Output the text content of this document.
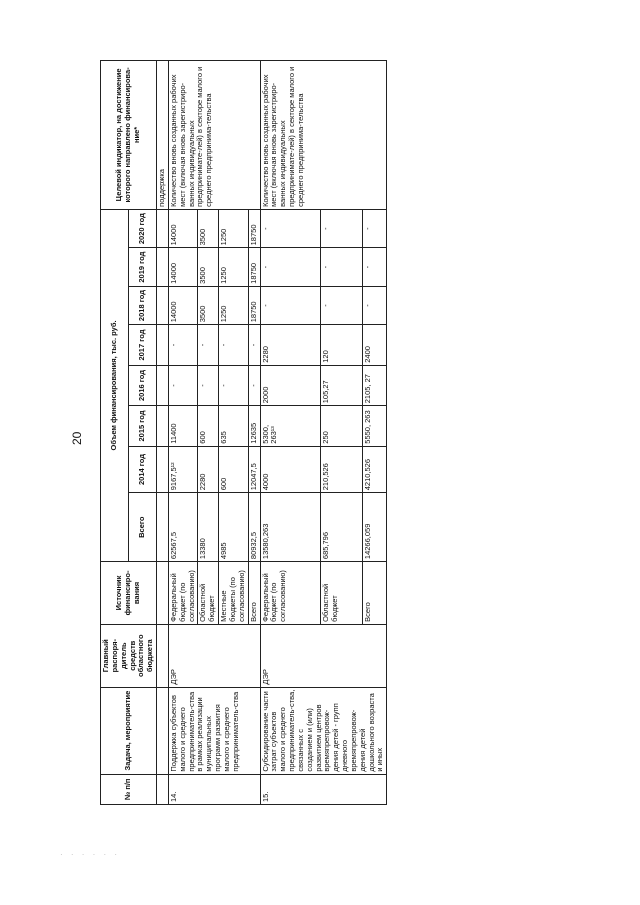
20
· · · · · ·
№ п/п	Задача, мероприятие	Главный распоря-дитель средств областного бюджета	Источник финансиро-вания	Объем финансирования, тыс. руб.								Целевой индикатор, на достижение которого направлено финансирова-ние*
				Всего	2014 год	2015 год	2016 год	2017 год	2018 год	2019 год	2020 год	
												поддержка
14.	Поддержка субъектов малого и среднего предприниматель-ства в рамках реализации муниципальных программ развития малого и среднего предприниматель-ства	ДЭР	Федеральный бюджет (по согласованию)	62567,5	9167,5¹²	11400	-	-	14000	14000	14000	Количество вновь созданных рабочих мест (включая вновь зарегистриро-ванных индивидуальных предпринимате-лей) в секторе малого и среднего предпринима-тельства
			Областной бюджет	13380	2280	600	-	-	3500	3500	3500	
			Местные бюджеты (по согласованию)	4985	600	635	-	-	1250	1250	1250	
			Всего	80932,5	12047,5	12635	-	-	18750	18750	18750	
15.	Субсидирование части затрат субъектов малого и среднего предприниматель-ства, связанных с созданием и (или) развитием центров времяпрепровож-дения детей - групп дневного времяпрепровож-дения детей дошкольного возраста и иных	ДЭР	Федеральный бюджет (по согласованию)	13580,263	4000	5300, 263¹³	2000	2280	-	-	-	Количество вновь созданных рабочих мест (включая вновь зарегистриро-ванных индивидуальных предпринимате-лей) в секторе малого и среднего предпринима-тельства
			Областной бюджет	685,796	210,526	250	105,27	120	-	-	-	
			Всего	14266,059	4210,526	5550, 263	2105, 27	2400	-	-	-	
